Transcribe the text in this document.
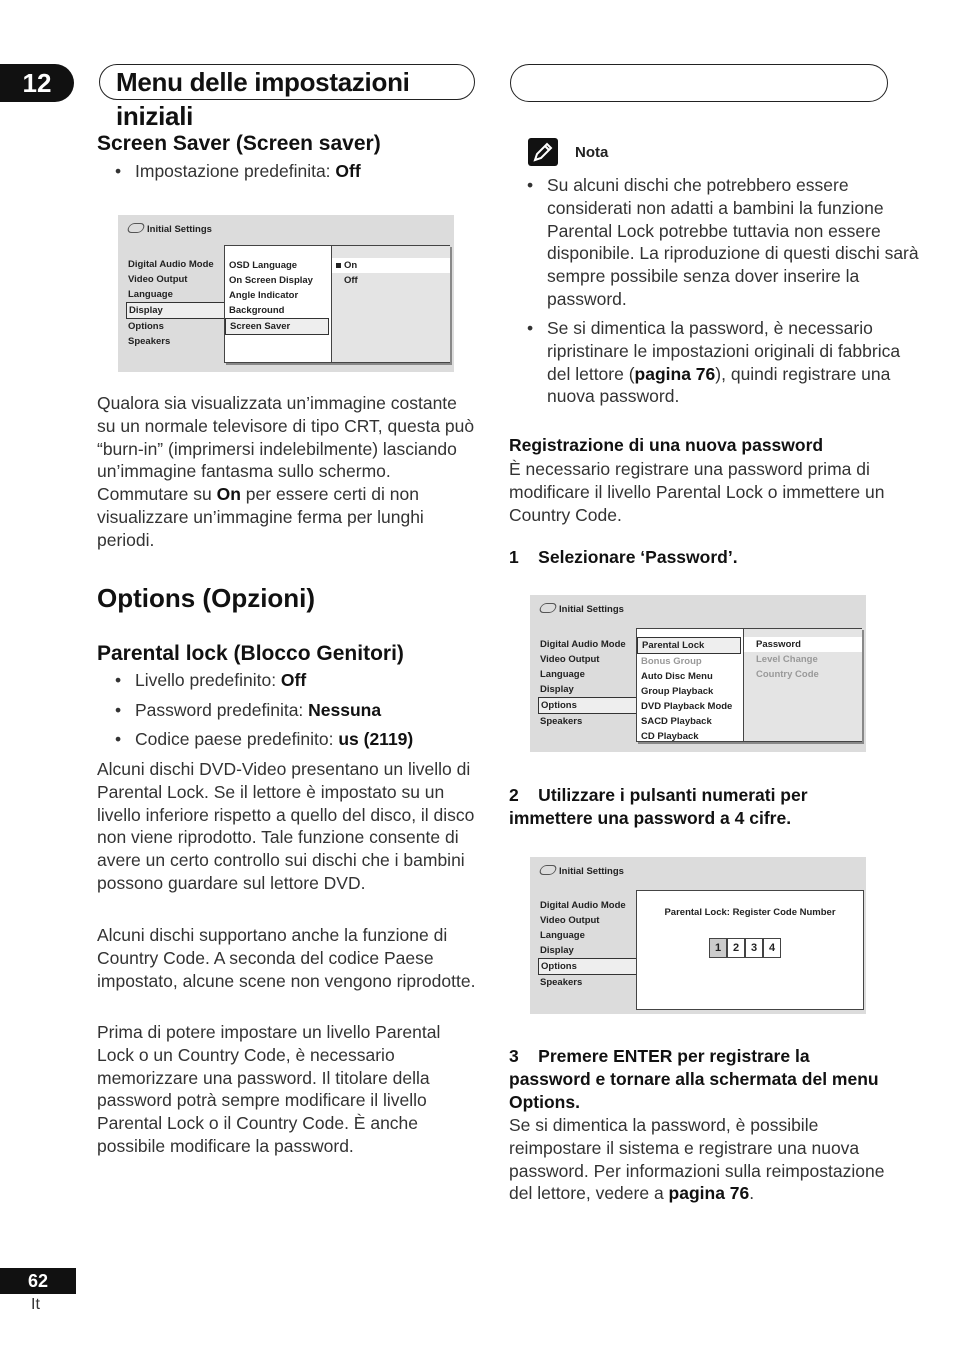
12	Menu delle impostazioni iniziali
Screen Saver (Screen saver)

• Impostazione predefinita: Off

Initial Settings
Digital Audio Mode
Video Output
Language
Display
Options
Speakers
OSD Language
On Screen Display
Angle Indicator
Background
Screen Saver
On
Off

Qualora sia visualizzata un’immagine costante su un normale televisore di tipo CRT, questa può “burn-in” (imprimersi indelebilmente) lasciando un’immagine fantasma sullo schermo. Commutare su On per essere certi di non visualizzare un’immagine ferma per lunghi periodi.

Options (Opzioni)
Parental lock (Blocco Genitori)

• Livello predefinito: Off

• Password predefinita: Nessuna

• Codice paese predefinito: us (2119)

Alcuni dischi DVD-Video presentano un livello di Parental Lock. Se il lettore è impostato su un livello inferiore rispetto a quello del disco, il disco non viene riprodotto. Tale funzione consente di avere un certo controllo sui dischi che i bambini possono guardare sul lettore DVD.

Alcuni dischi supportano anche la funzione di Country Code. A seconda del codice Paese impostato, alcune scene non vengono riprodotte.

Prima di potere impostare un livello Parental Lock o un Country Code, è necessario memorizzare una password. Il titolare della password potrà sempre modificare il livello Parental Lock o il Country Code. È anche possibile modificare la password.

Nota

• Su alcuni dischi che potrebbero essere considerati non adatti a bambini la funzione Parental Lock potrebbe tuttavia non essere disponibile. La riproduzione di questi dischi sarà sempre possibile senza dover inserire la password.

• Se si dimentica la password, è necessario ripristinare le impostazioni originali di fabbrica del lettore (pagina 76), quindi registrare una nuova password.

Registrazione di una nuova password

È necessario registrare una password prima di modificare il livello Parental Lock o immettere un Country Code.

1    Selezionare ‘Password’.
Initial Settings
Digital Audio Mode
Video Output
Language
Display
Options
Speakers
Parental Lock
Bonus Group
Auto Disc Menu
Group Playback
DVD Playback Mode
SACD Playback
CD Playback
Password
Level Change
Country Code
2    Utilizzare i pulsanti numerati per immettere una password a 4 cifre.
Initial Settings
Digital Audio Mode
Video Output
Language
Display
Options
Speakers
Parental Lock: Register Code Number
1 2 3 4
3    Premere ENTER per registrare la password e tornare alla schermata del menu Options.

Se si dimentica la password, è possibile reimpostare il sistema e registrare una nuova password. Per informazioni sulla reimpostazione del lettore, vedere a pagina 76.

62
It
